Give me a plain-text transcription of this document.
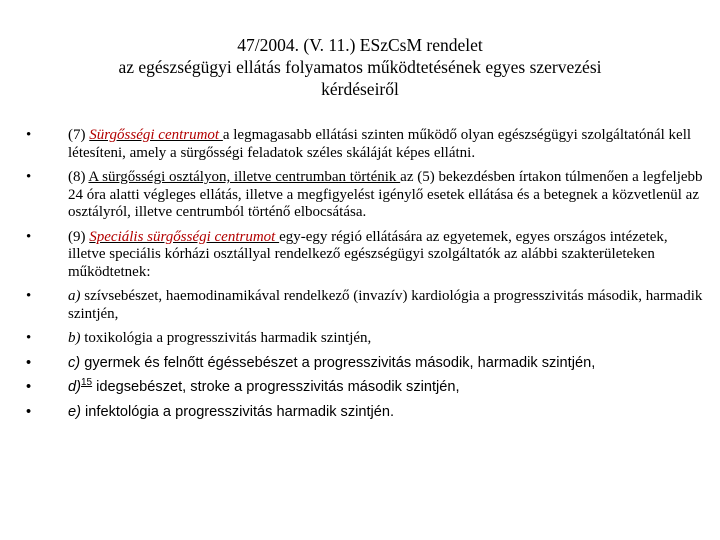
47/2004. (V. 11.) ESzCsM rendelet
az egészségügyi ellátás folyamatos működtetésének egyes szervezési
kérdéseiről
• (7) Sürgősségi centrumot a legmagasabb ellátási szinten működő olyan egészségügyi szolgáltatónál kell létesíteni, amely a sürgősségi feladatok széles skáláját képes ellátni.
• (8) A sürgősségi osztályon, illetve centrumban történik az (5) bekezdésben írtakon túlmenően a legfeljebb 24 óra alatti végleges ellátás, illetve a megfigyelést igénylő esetek ellátása és a betegnek a közvetlenül az osztályról, illetve centrumból történő elbocsátása.
• (9) Speciális sürgősségi centrumot egy-egy régió ellátására az egyetemek, egyes országos intézetek, illetve speciális kórházi osztállyal rendelkező egészségügyi szolgáltatók az alábbi szakterületeken működtetnek:
• a) szívsebészet, haemodinamikával rendelkező (invazív) kardiológia a progresszivitás második, harmadik szintjén,
• b) toxikológia a progresszivitás harmadik szintjén,
•	c) gyermek és felnőtt égéssebészet a progresszivitás második, harmadik szintjén,
•	d)$^{15}$ idegsebészet, stroke a progresszivitás második szintjén,
•	e) infektológia a progresszivitás harmadik szintjén.
